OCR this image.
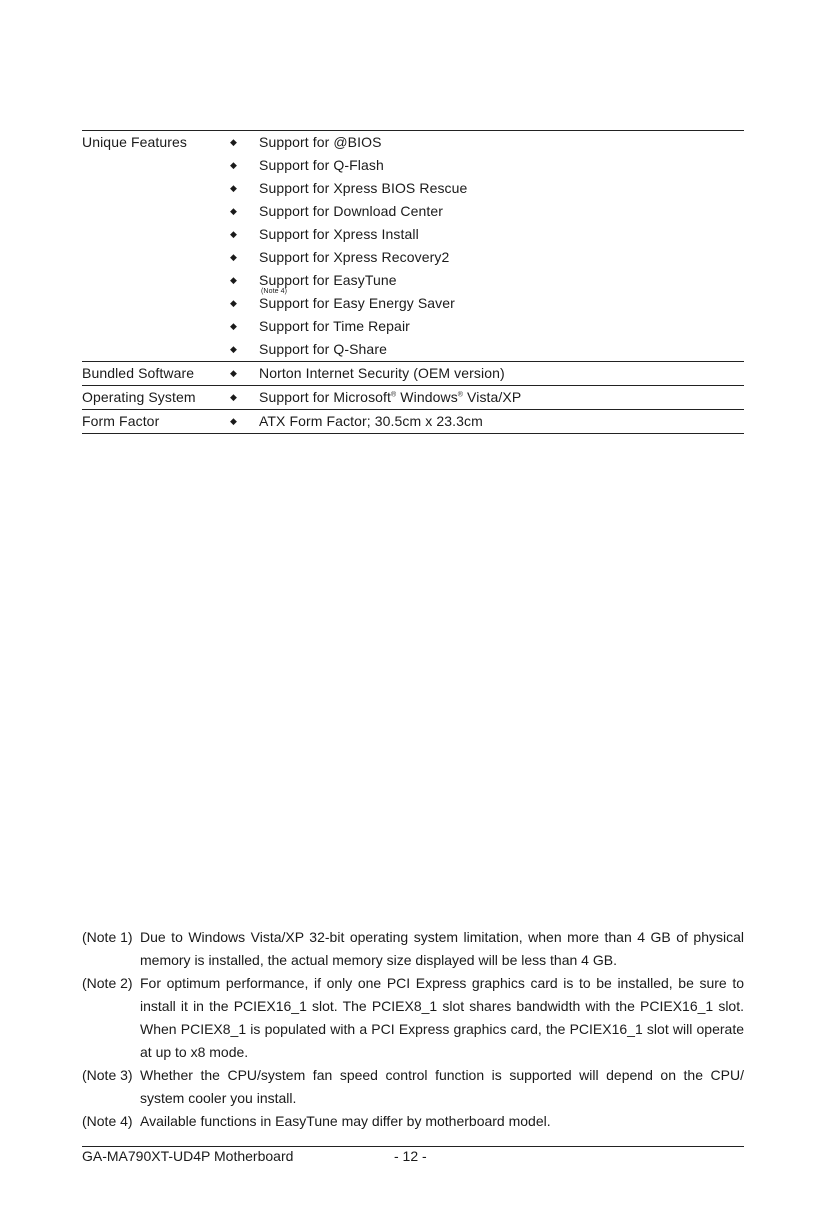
Unique Features	◆	Support for @BIOS
◆	Support for Q-Flash
◆	Support for Xpress BIOS Rescue
◆	Support for Download Center
◆	Support for Xpress Install
◆	Support for Xpress Recovery2
◆	Support for EasyTune
(Note 4)
◆	Support for Easy Energy Saver
◆	Support for Time Repair
◆	Support for Q-Share
Bundled Software	◆	Norton Internet Security (OEM version)
Operating System	◆	Support for Microsoft® Windows® Vista/XP
Form Factor	◆	ATX Form Factor; 30.5cm x 23.3cm
(Note 1) Due to Windows Vista/XP 32-bit operating system limitation, when more than 4 GB of physical memory is installed, the actual memory size displayed will be less than 4 GB.
(Note 2) For optimum performance, if only one PCI Express graphics card is to be installed, be sure to install it in the PCIEX16_1 slot. The PCIEX8_1 slot shares bandwidth with the PCIEX16_1 slot. When PCIEX8_1 is populated with a PCI Express graphics card, the PCIEX16_1 slot will operate at up to x8 mode.
(Note 3) Whether the CPU/system fan speed control function is supported will depend on the CPU/ system cooler you install.
(Note 4) Available functions in EasyTune may differ by motherboard model.
GA-MA790XT-UD4P Motherboard	- 12 -
